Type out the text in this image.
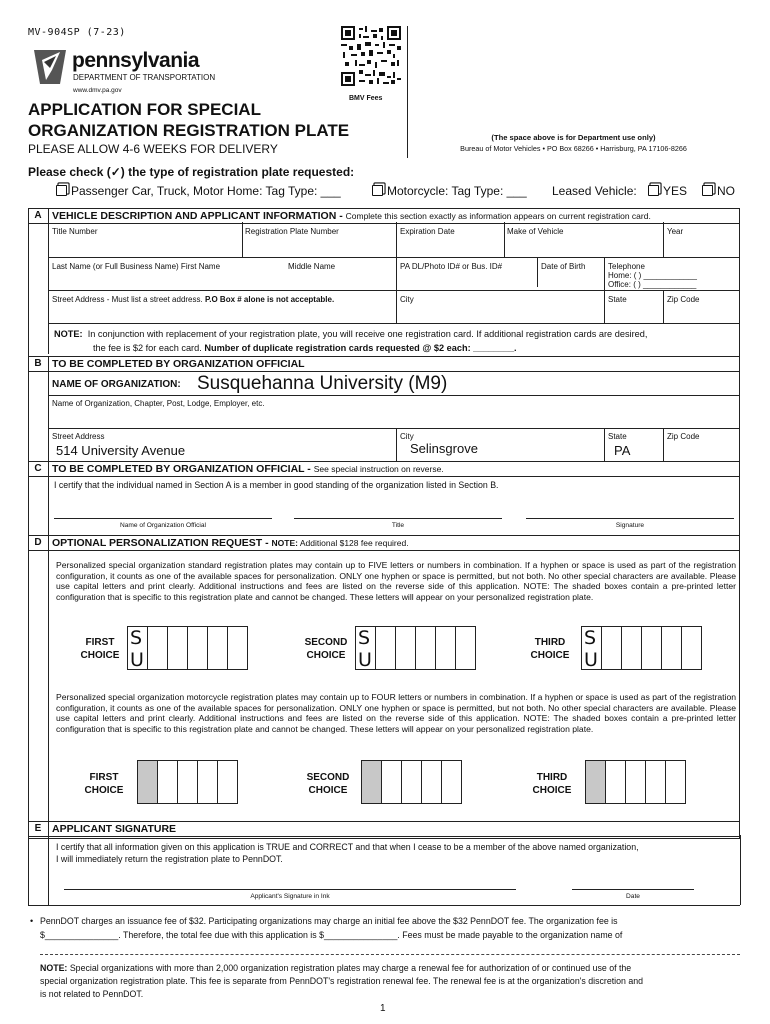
MV-904SP (7-23)
pennsylvania
DEPARTMENT OF TRANSPORTATION
www.dmv.pa.gov
BMV Fees
APPLICATION FOR SPECIAL
ORGANIZATION REGISTRATION PLATE
PLEASE ALLOW 4-6 WEEKS FOR DELIVERY
(The space above is for Department use only)
Bureau of Motor Vehicles • PO Box 68266 • Harrisburg, PA 17106-8266
Please check (✓) the type of registration plate requested:
Passenger Car, Truck, Motor Home: Tag Type: ___	Motorcycle: Tag Type: ___ Leased Vehicle:	YES	NO
A VEHICLE DESCRIPTION AND APPLICANT INFORMATION - Complete this section exactly as information appears on current registration card.
Title Number	Registration Plate Number	Expiration Date	Make of Vehicle	Year
Last Name (or Full Business Name) First Name	Middle Name	PA DL/Photo ID# or Bus. ID#	Date of Birth	Telephone
Home: ( ) ____________
Office: ( ) ____________
Street Address - Must list a street address. P.O Box # alone is not acceptable.	City	State	Zip Code
NOTE: In conjunction with replacement of your registration plate, you will receive one registration card. If additional registration cards are desired,
the fee is $2 for each card. Number of duplicate registration cards requested @ $2 each: ________.
B TO BE COMPLETED BY ORGANIZATION OFFICIAL
NAME OF ORGANIZATION: Susquehanna University (M9)
Name of Organization, Chapter, Post, Lodge, Employer, etc.
Street Address
514 University Avenue
City
Selinsgrove
State
PA
Zip Code
C TO BE COMPLETED BY ORGANIZATION OFFICIAL - See special instruction on reverse.
I certify that the individual named in Section A is a member in good standing of the organization listed in Section B.
Name of Organization Official	Title	Signature
D OPTIONAL PERSONALIZATION REQUEST - NOTE: Additional $128 fee required.
Personalized special organization standard registration plates may contain up to FIVE letters or numbers in combination. If a hyphen or space is used as part of the registration configuration, it counts as one of the available spaces for personalization. ONLY one hyphen or space is permitted, but not both. No other special characters are available. Please use capital letters and print clearly. Additional instructions and fees are listed on the reverse side of this application. NOTE: The shaded boxes contain a pre-printed letter configuration that is specific to this registration plate and cannot be changed. These letters will appear on your personalized registration plate.
FIRST CHOICE
S
U
SECOND CHOICE
S
U
THIRD CHOICE
S
U
Personalized special organization motorcycle registration plates may contain up to FOUR letters or numbers in combination. If a hyphen or space is used as part of the registration configuration, it counts as one of the available spaces for personalization. ONLY one hyphen or space is permitted, but not both. No other special characters are available. Please use capital letters and print clearly. Additional instructions and fees are listed on the reverse side of this application. NOTE: The shaded boxes contain a pre-printed letter configuration that is specific to this registration plate and cannot be changed. These letters will appear on your personalized registration plate.
FIRST CHOICE
SECOND CHOICE
THIRD CHOICE
E	APPLICANT SIGNATURE
I certify that all information given on this application is TRUE and CORRECT and that when I cease to be a member of the above named organization,
I will immediately return the registration plate to PennDOT.
Applicant's Signature in Ink	Date
• PennDOT charges an issuance fee of $32. Participating organizations may charge an initial fee above the $32 PennDOT fee. The organization fee is
$_______________. Therefore, the total fee due with this application is $_______________. Fees must be made payable to the organization name of
NOTE: Special organizations with more than 2,000 organization registration plates may charge a renewal fee for authorization of or continued use of the
special organization registration plate. This fee is separate from PennDOT's registration renewal fee. The renewal fee is at the organization's discretion and
is not related to PennDOT.
1
